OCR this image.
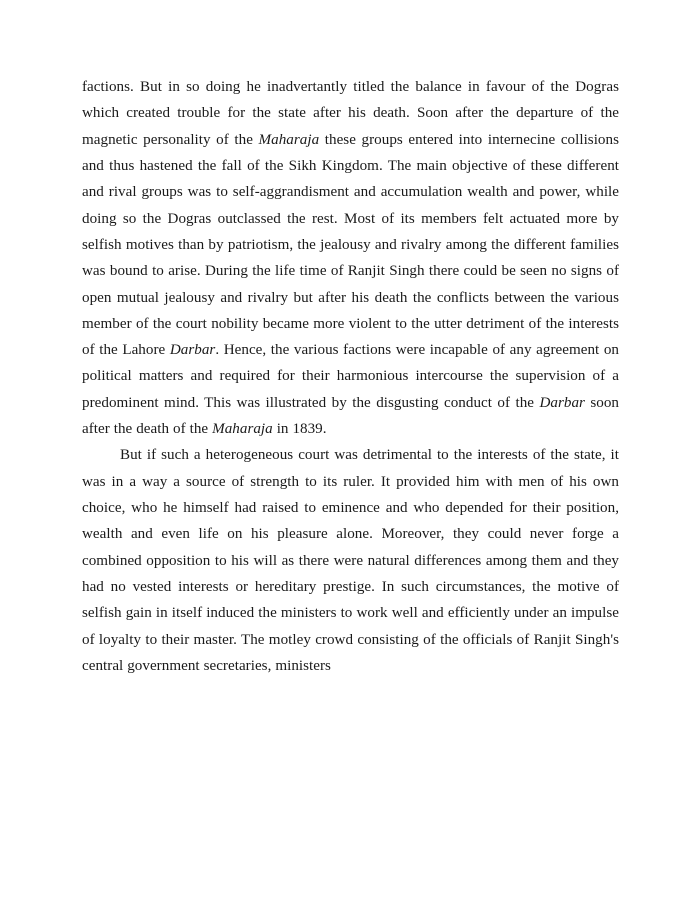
factions. But in so doing he inadvertantly titled the balance in favour of the Dogras which created trouble for the state after his death. Soon after the departure of the magnetic personality of the Maharaja these groups entered into internecine collisions and thus hastened the fall of the Sikh Kingdom. The main objective of these different and rival groups was to self-aggrandisment and accumulation wealth and power, while doing so the Dogras outclassed the rest. Most of its members felt actuated more by selfish motives than by patriotism, the jealousy and rivalry among the different families was bound to arise. During the life time of Ranjit Singh there could be seen no signs of open mutual jealousy and rivalry but after his death the conflicts between the various member of the court nobility became more violent to the utter detriment of the interests of the Lahore Darbar. Hence, the various factions were incapable of any agreement on political matters and required for their harmonious intercourse the supervision of a predominent mind. This was illustrated by the disgusting conduct of the Darbar soon after the death of the Maharaja in 1839.

But if such a heterogeneous court was detrimental to the interests of the state, it was in a way a source of strength to its ruler. It provided him with men of his own choice, who he himself had raised to eminence and who depended for their position, wealth and even life on his pleasure alone. Moreover, they could never forge a combined opposition to his will as there were natural differences among them and they had no vested interests or hereditary prestige. In such circumstances, the motive of selfish gain in itself induced the ministers to work well and efficiently under an impulse of loyalty to their master. The motley crowd consisting of the officials of Ranjit Singh's central government secretaries, ministers
